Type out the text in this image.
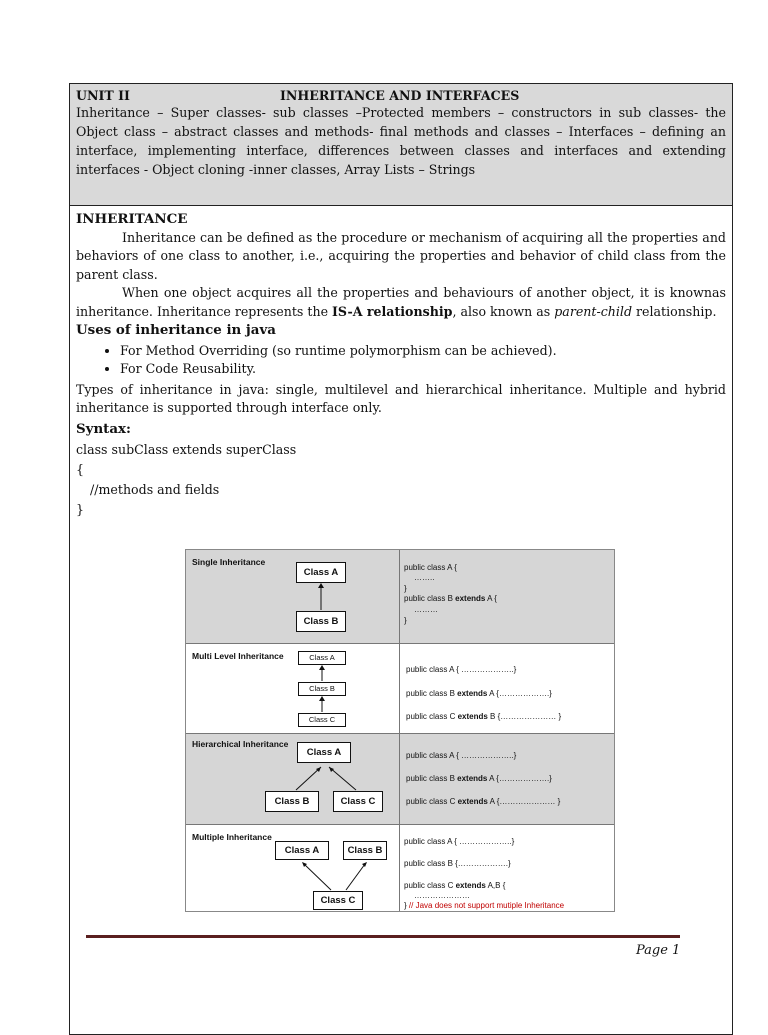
UNIT II	INHERITANCE AND INTERFACES
Inheritance – Super classes- sub classes –Protected members – constructors in sub classes- the Object class – abstract classes and methods- final methods and classes – Interfaces – defining an interface, implementing interface, differences between classes and interfaces and extending interfaces - Object cloning -inner classes, Array Lists – Strings

INHERITANCE

Inheritance can be defined as the procedure or mechanism of acquiring all the properties and behaviors of one class to another, i.e., acquiring the properties and behavior of child class from the parent class.

When one object acquires all the properties and behaviours of another object, it is knownas inheritance. Inheritance represents the IS-A relationship, also known as parent-child relationship.

Uses of inheritance in java

• For Method Overriding (so runtime polymorphism can be achieved).
• For Code Reusability.

Types of inheritance in java: single, multilevel and hierarchical inheritance. Multiple and hybrid inheritance is supported through interface only.

Syntax:

class subClass extends superClass

{

//methods and fields

}

Single Inheritance
Class A
Class B
public class A {
……..
}
public class B extends A {
………
}
Multi Level Inheritance	Class A
Class B
Class C
public class A { ………………..}
public class B extends A {……………….}
public class C extends B {………………… }
Hierarchical Inheritance
Class A
Class B	Class C
public class A { ………………..}
public class B extends A {……………….}
public class C extends A {………………… }
Multiple Inheritance
Class A	Class B
Class C
public class A { ………………..}
public class B {……………….}
public class C extends A,B {
…………………
} // Java does not support mutiple Inheritance
Page 1
